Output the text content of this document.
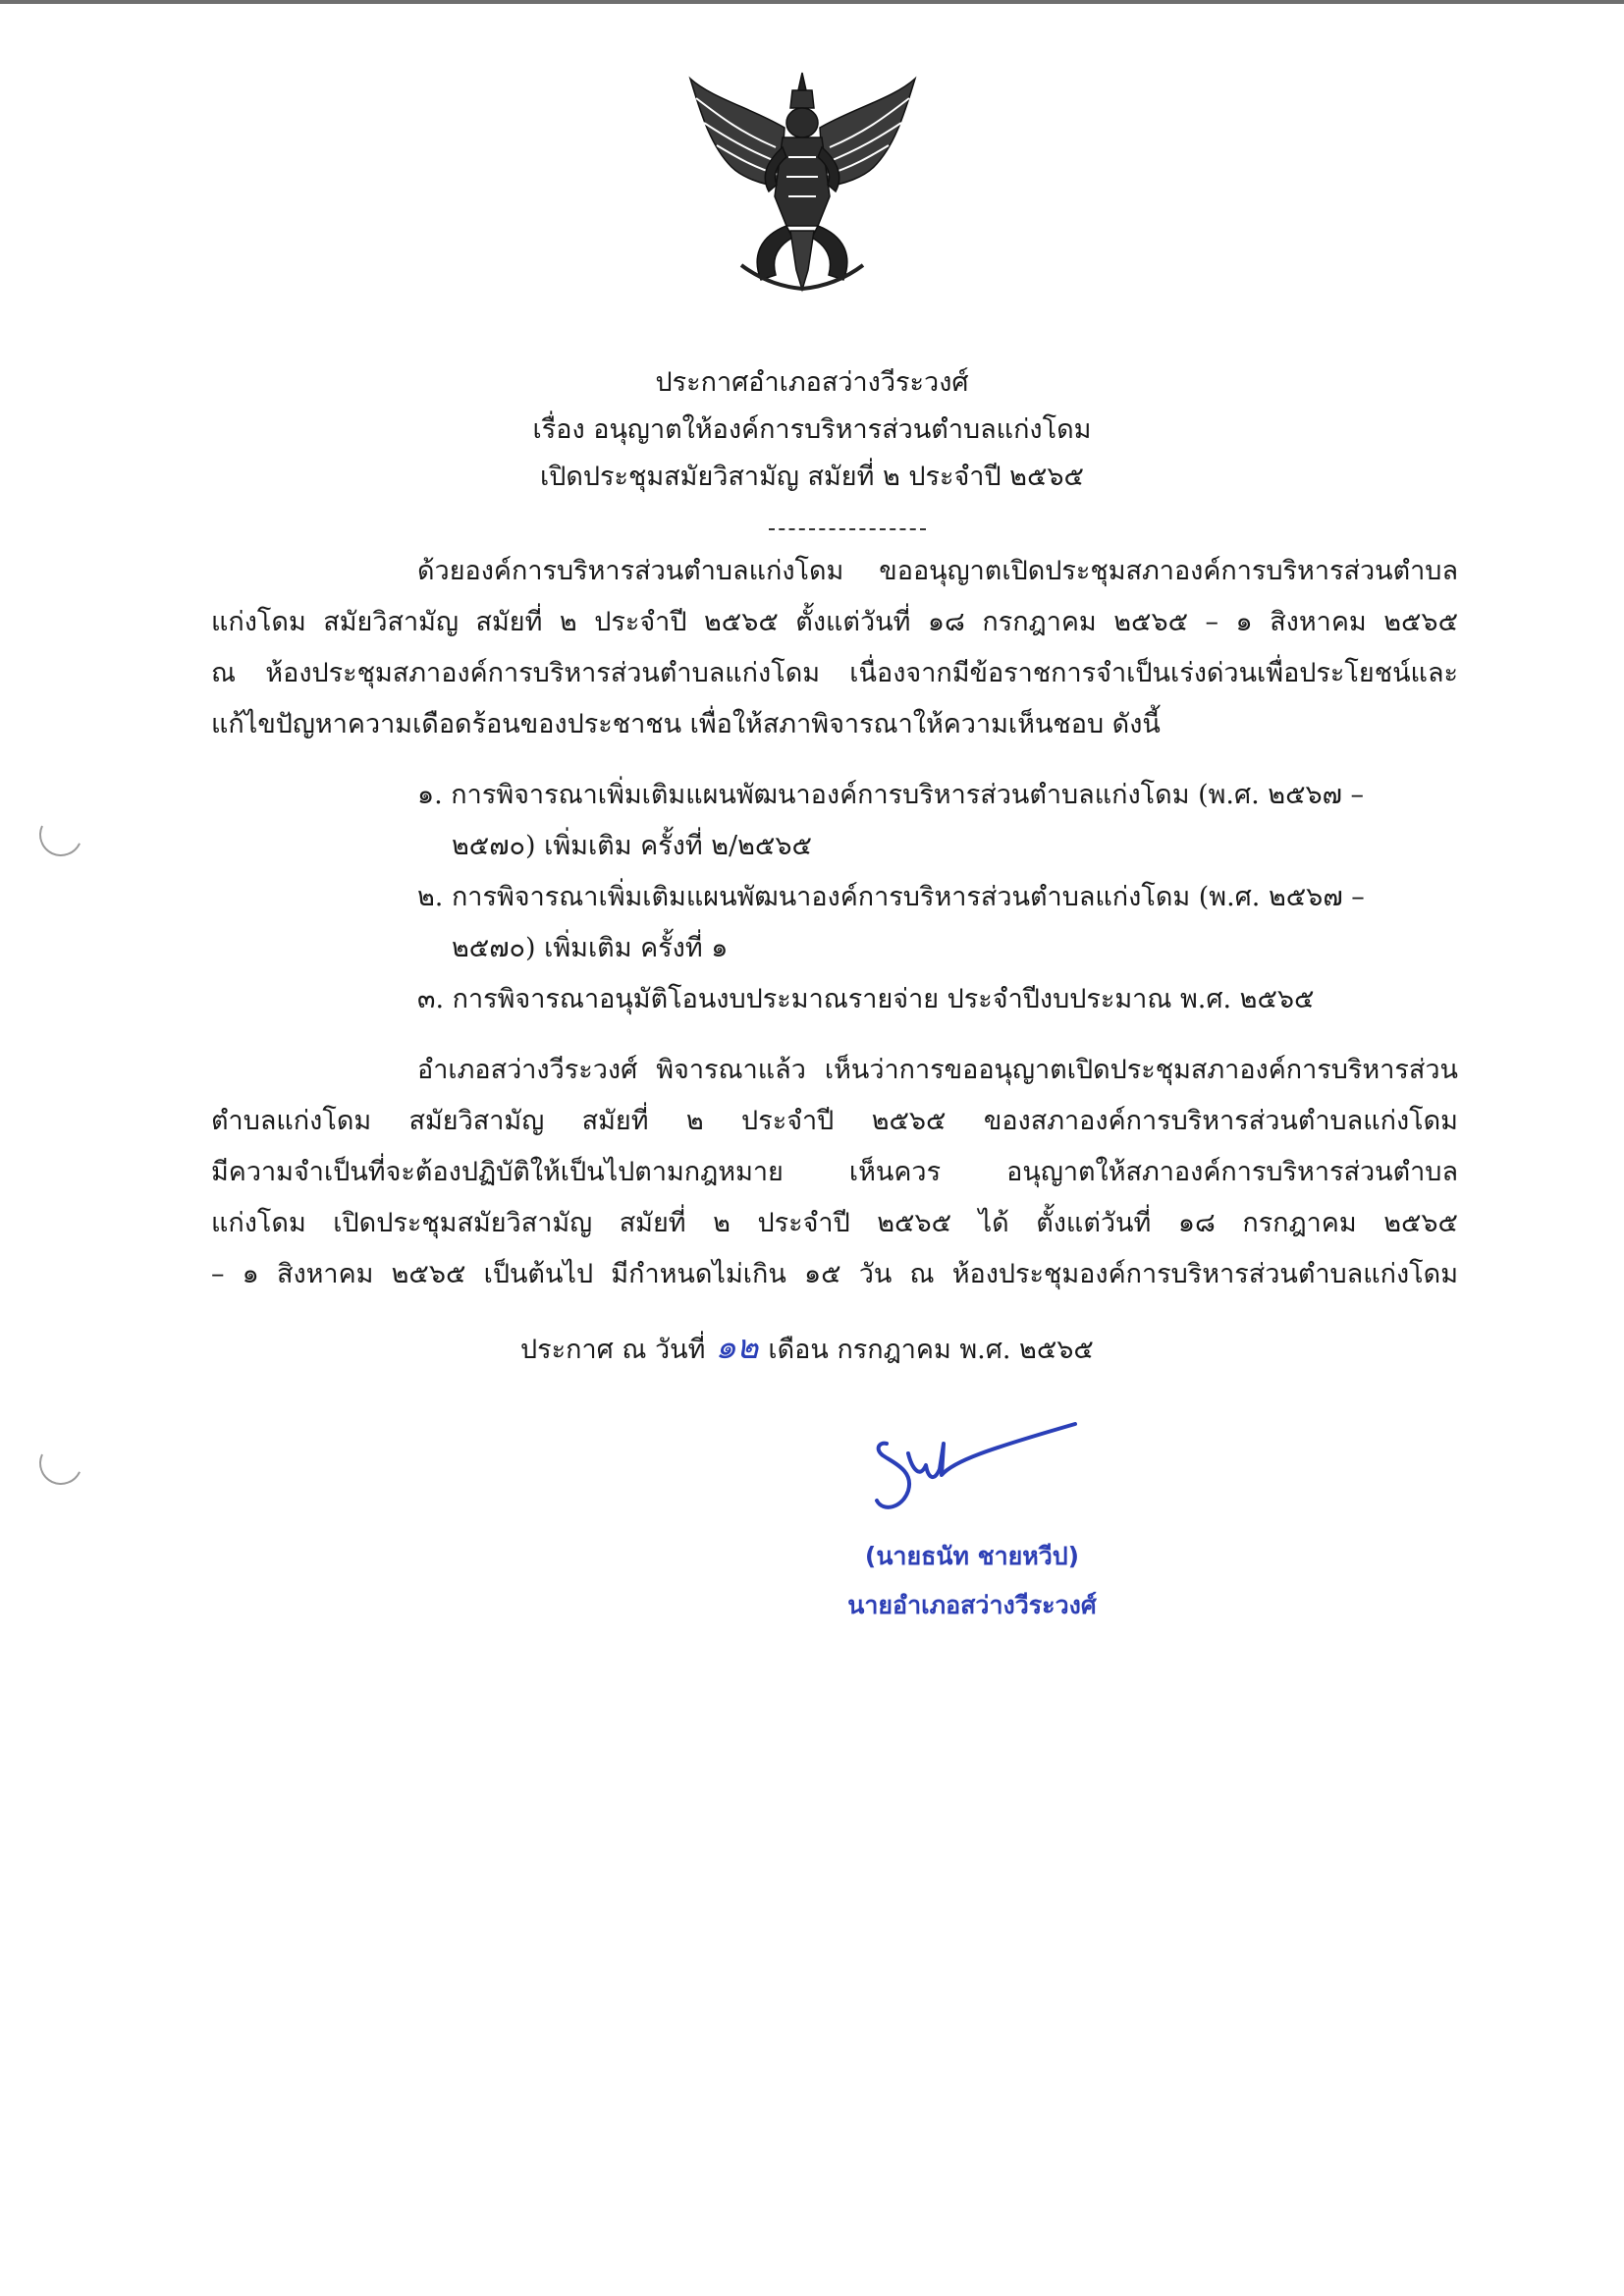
ประกาศอำเภอสว่างวีระวงศ์
เรื่อง อนุญาตให้องค์การบริหารส่วนตำบลแก่งโดม
เปิดประชุมสมัยวิสามัญ สมัยที่ ๒ ประจำปี ๒๕๖๕
ด้วยองค์การบริหารส่วนตำบลแก่งโดม ขออนุญาตเปิดประชุมสภาองค์การบริหารส่วนตำบล
แก่งโดม สมัยวิสามัญ สมัยที่ ๒ ประจำปี ๒๕๖๕ ตั้งแต่วันที่ ๑๘ กรกฎาคม ๒๕๖๕ – ๑ สิงหาคม ๒๕๖๕
ณ ห้องประชุมสภาองค์การบริหารส่วนตำบลแก่งโดม เนื่องจากมีข้อราชการจำเป็นเร่งด่วนเพื่อประโยชน์และ
แก้ไขปัญหาความเดือดร้อนของประชาชน เพื่อให้สภาพิจารณาให้ความเห็นชอบ ดังนี้
๑. การพิจารณาเพิ่มเติมแผนพัฒนาองค์การบริหารส่วนตำบลแก่งโดม (พ.ศ. ๒๕๖๗ –
๒๕๗๐) เพิ่มเติม ครั้งที่ ๒/๒๕๖๕
๒. การพิจารณาเพิ่มเติมแผนพัฒนาองค์การบริหารส่วนตำบลแก่งโดม (พ.ศ. ๒๕๖๗ –
๒๕๗๐) เพิ่มเติม ครั้งที่ ๑
๓. การพิจารณาอนุมัติโอนงบประมาณรายจ่าย ประจำปีงบประมาณ พ.ศ. ๒๕๖๕
อำเภอสว่างวีระวงศ์ พิจารณาแล้ว เห็นว่าการขออนุญาตเปิดประชุมสภาองค์การบริหารส่วน
ตำบลแก่งโดม สมัยวิสามัญ สมัยที่ ๒ ประจำปี ๒๕๖๕ ของสภาองค์การบริหารส่วนตำบลแก่งโดม
มีความจำเป็นที่จะต้องปฏิบัติให้เป็นไปตามกฎหมาย เห็นควร อนุญาตให้สภาองค์การบริหารส่วนตำบล
แก่งโดม เปิดประชุมสมัยวิสามัญ สมัยที่ ๒ ประจำปี ๒๕๖๕ ได้ ตั้งแต่วันที่ ๑๘ กรกฎาคม ๒๕๖๕
– ๑ สิงหาคม ๒๕๖๕ เป็นต้นไป มีกำหนดไม่เกิน ๑๕ วัน ณ ห้องประชุมองค์การบริหารส่วนตำบลแก่งโดม
ประกาศ ณ วันที่ ๑๒ เดือน กรกฎาคม พ.ศ. ๒๕๖๕
(นายธนัท ชายหวีป)
นายอำเภอสว่างวีระวงศ์
